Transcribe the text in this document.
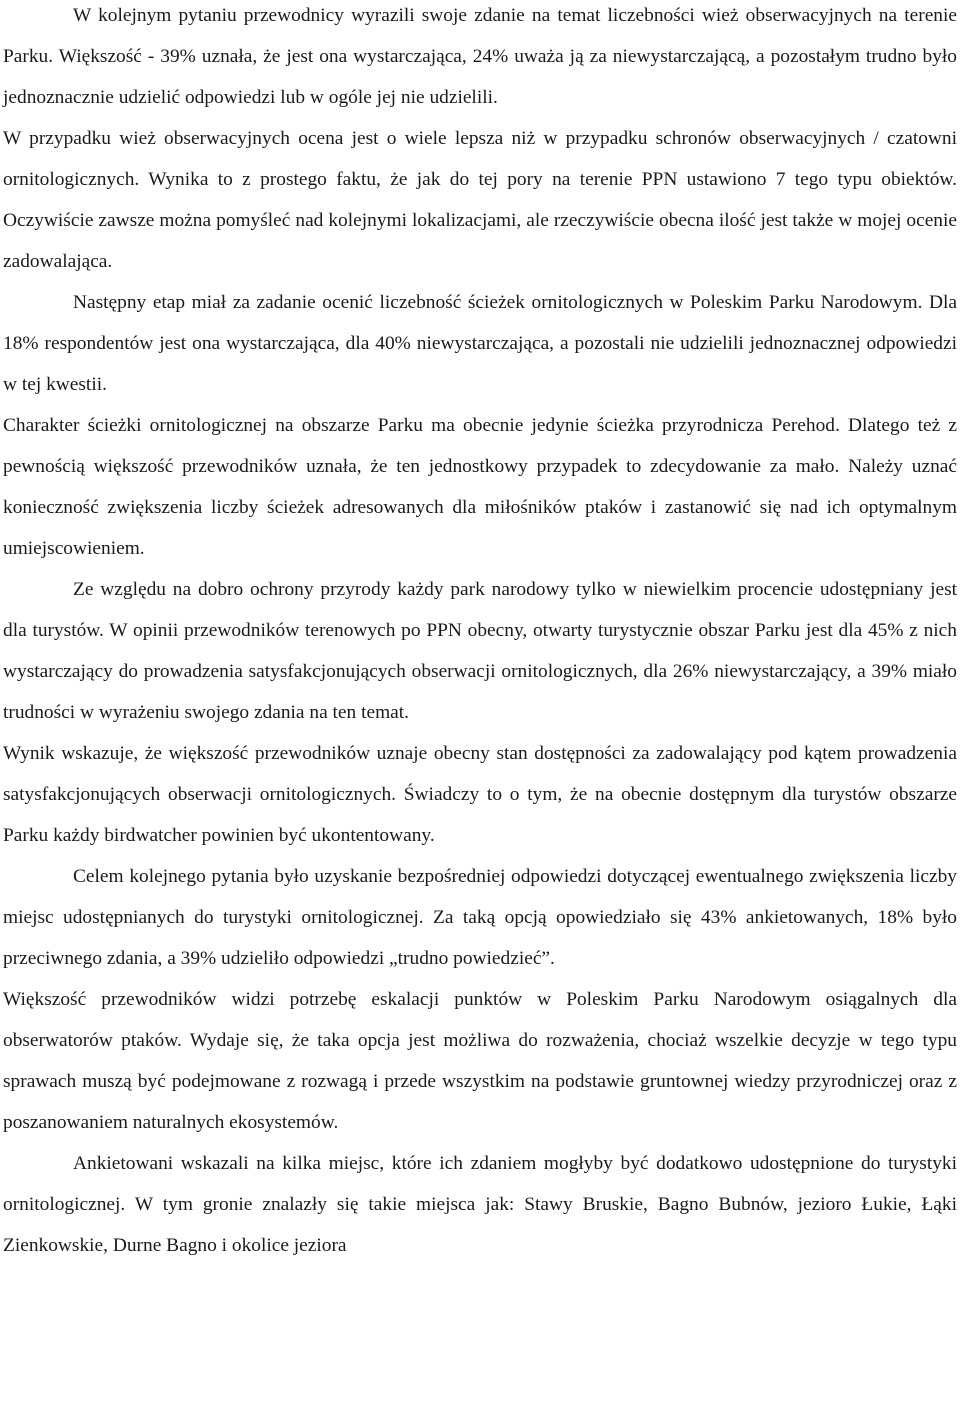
W kolejnym pytaniu przewodnicy wyrazili swoje zdanie na temat liczebności wież obserwacyjnych na terenie Parku. Większość - 39% uznała, że jest ona wystarczająca, 24% uważa ją za niewystarczającą, a pozostałym trudno było jednoznacznie udzielić odpowiedzi lub w ogóle jej nie udzielili.

W przypadku wież obserwacyjnych ocena jest o wiele lepsza niż w przypadku schronów obserwacyjnych / czatowni ornitologicznych. Wynika to z prostego faktu, że jak do tej pory na terenie PPN ustawiono 7 tego typu obiektów. Oczywiście zawsze można pomyśleć nad kolejnymi lokalizacjami, ale rzeczywiście obecna ilość jest także w mojej ocenie zadowalająca.

Następny etap miał za zadanie ocenić liczebność ścieżek ornitologicznych w Poleskim Parku Narodowym. Dla 18% respondentów jest ona wystarczająca, dla 40% niewystarczająca, a pozostali nie udzielili jednoznacznej odpowiedzi w tej kwestii.

Charakter ścieżki ornitologicznej na obszarze Parku ma obecnie jedynie ścieżka przyrodnicza Perehod. Dlatego też z pewnością większość przewodników uznała, że ten jednostkowy przypadek to zdecydowanie za mało. Należy uznać konieczność zwiększenia liczby ścieżek adresowanych dla miłośników ptaków i zastanowić się nad ich optymalnym umiejscowieniem.

Ze względu na dobro ochrony przyrody każdy park narodowy tylko w niewielkim procencie udostępniany jest dla turystów. W opinii przewodników terenowych po PPN obecny, otwarty turystycznie obszar Parku jest dla 45% z nich wystarczający do prowadzenia satysfakcjonujących obserwacji ornitologicznych, dla 26% niewystarczający, a 39% miało trudności w wyrażeniu swojego zdania na ten temat.

Wynik wskazuje, że większość przewodników uznaje obecny stan dostępności za zadowalający pod kątem prowadzenia satysfakcjonujących obserwacji ornitologicznych. Świadczy to o tym, że na obecnie dostępnym dla turystów obszarze Parku każdy birdwatcher powinien być ukontentowany.

Celem kolejnego pytania było uzyskanie bezpośredniej odpowiedzi dotyczącej ewentualnego zwiększenia liczby miejsc udostępnianych do turystyki ornitologicznej. Za taką opcją opowiedziało się 43% ankietowanych, 18% było przeciwnego zdania, a 39% udzieliło odpowiedzi „trudno powiedzieć”.

Większość przewodników widzi potrzebę eskalacji punktów w Poleskim Parku Narodowym osiągalnych dla obserwatorów ptaków. Wydaje się, że taka opcja jest możliwa do rozważenia, chociaż wszelkie decyzje w tego typu sprawach muszą być podejmowane z rozwagą i przede wszystkim na podstawie gruntownej wiedzy przyrodniczej oraz z poszanowaniem naturalnych ekosystemów.

Ankietowani wskazali na kilka miejsc, które ich zdaniem mogłyby być dodatkowo udostępnione do turystyki ornitologicznej. W tym gronie znalazły się takie miejsca jak: Stawy Bruskie, Bagno Bubnów, jezioro Łukie, Łąki Zienkowskie, Durne Bagno i okolice jeziora
